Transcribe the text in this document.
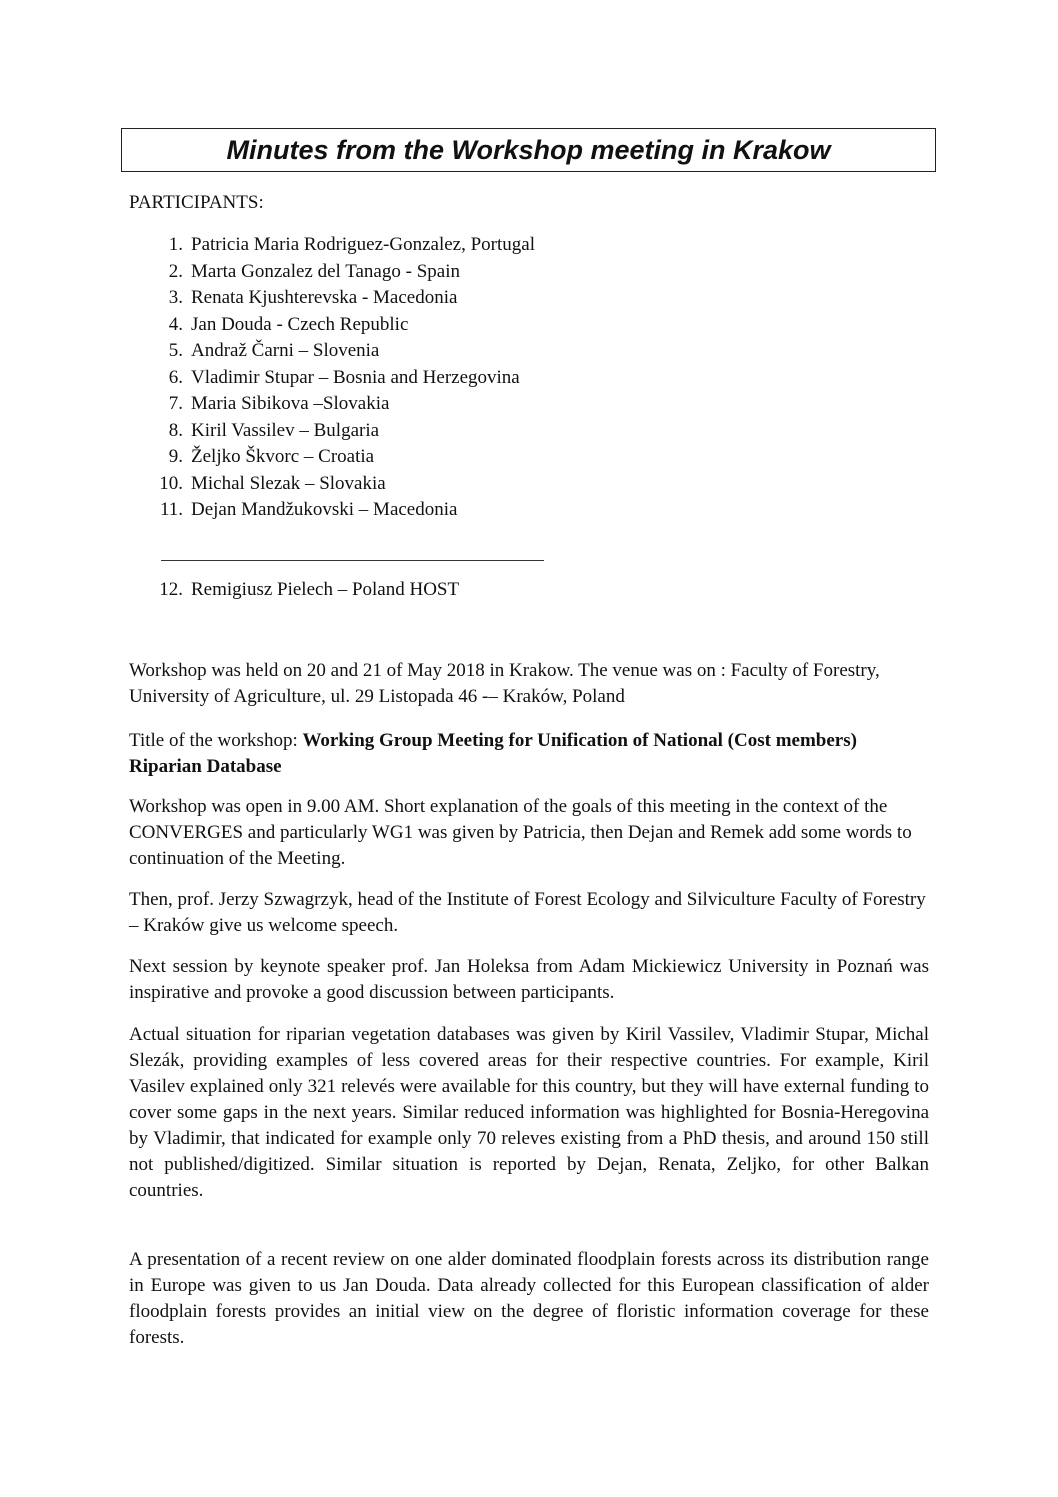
Minutes from the Workshop meeting in Krakow

PARTICIPANTS:

1. Patricia Maria Rodriguez-Gonzalez, Portugal
2. Marta Gonzalez del Tanago - Spain
3. Renata Kjushterevska - Macedonia
4. Jan Douda - Czech Republic
5. Andraž Čarni – Slovenia
6. Vladimir Stupar – Bosnia and Herzegovina
7. Maria Sibikova –Slovakia
8. Kiril Vassilev – Bulgaria
9. Željko Škvorc – Croatia
10. Michal Slezak – Slovakia
11. Dejan Mandžukovski – Macedonia
12. Remigiusz Pielech – Poland HOST

Workshop was held on 20 and 21 of May 2018 in Krakow. The venue was on : Faculty of Forestry, University of Agriculture, ul. 29 Listopada 46 -– Kraków, Poland

Title of the workshop: Working Group Meeting for Unification of National (Cost members) Riparian Database

Workshop was open in 9.00 AM. Short explanation of the goals of this meeting in the context of the CONVERGES and particularly WG1 was given by Patricia, then Dejan and Remek add some words to continuation of the Meeting.

Then, prof. Jerzy Szwagrzyk, head of the Institute of Forest Ecology and Silviculture Faculty of Forestry – Kraków give us welcome speech.

Next session by keynote speaker prof. Jan Holeksa from Adam Mickiewicz University in Poznań was inspirative and provoke a good discussion between participants.

Actual situation for riparian vegetation databases was given by Kiril Vassilev, Vladimir Stupar, Michal Slezák, providing examples of less covered areas for their respective countries. For example, Kiril Vasilev explained only 321 relevés were available for this country, but they will have external funding to cover some gaps in the next years. Similar reduced information was highlighted for Bosnia-Heregovina by Vladimir, that indicated for example only 70 releves existing from a PhD thesis, and around 150 still not published/digitized. Similar situation is reported by Dejan, Renata, Zeljko, for other Balkan countries.

A presentation of a recent review on one alder dominated floodplain forests across its distribution range in Europe was given to us Jan Douda. Data already collected for this European classification of alder floodplain forests provides an initial view on the degree of floristic information coverage for these forests.
